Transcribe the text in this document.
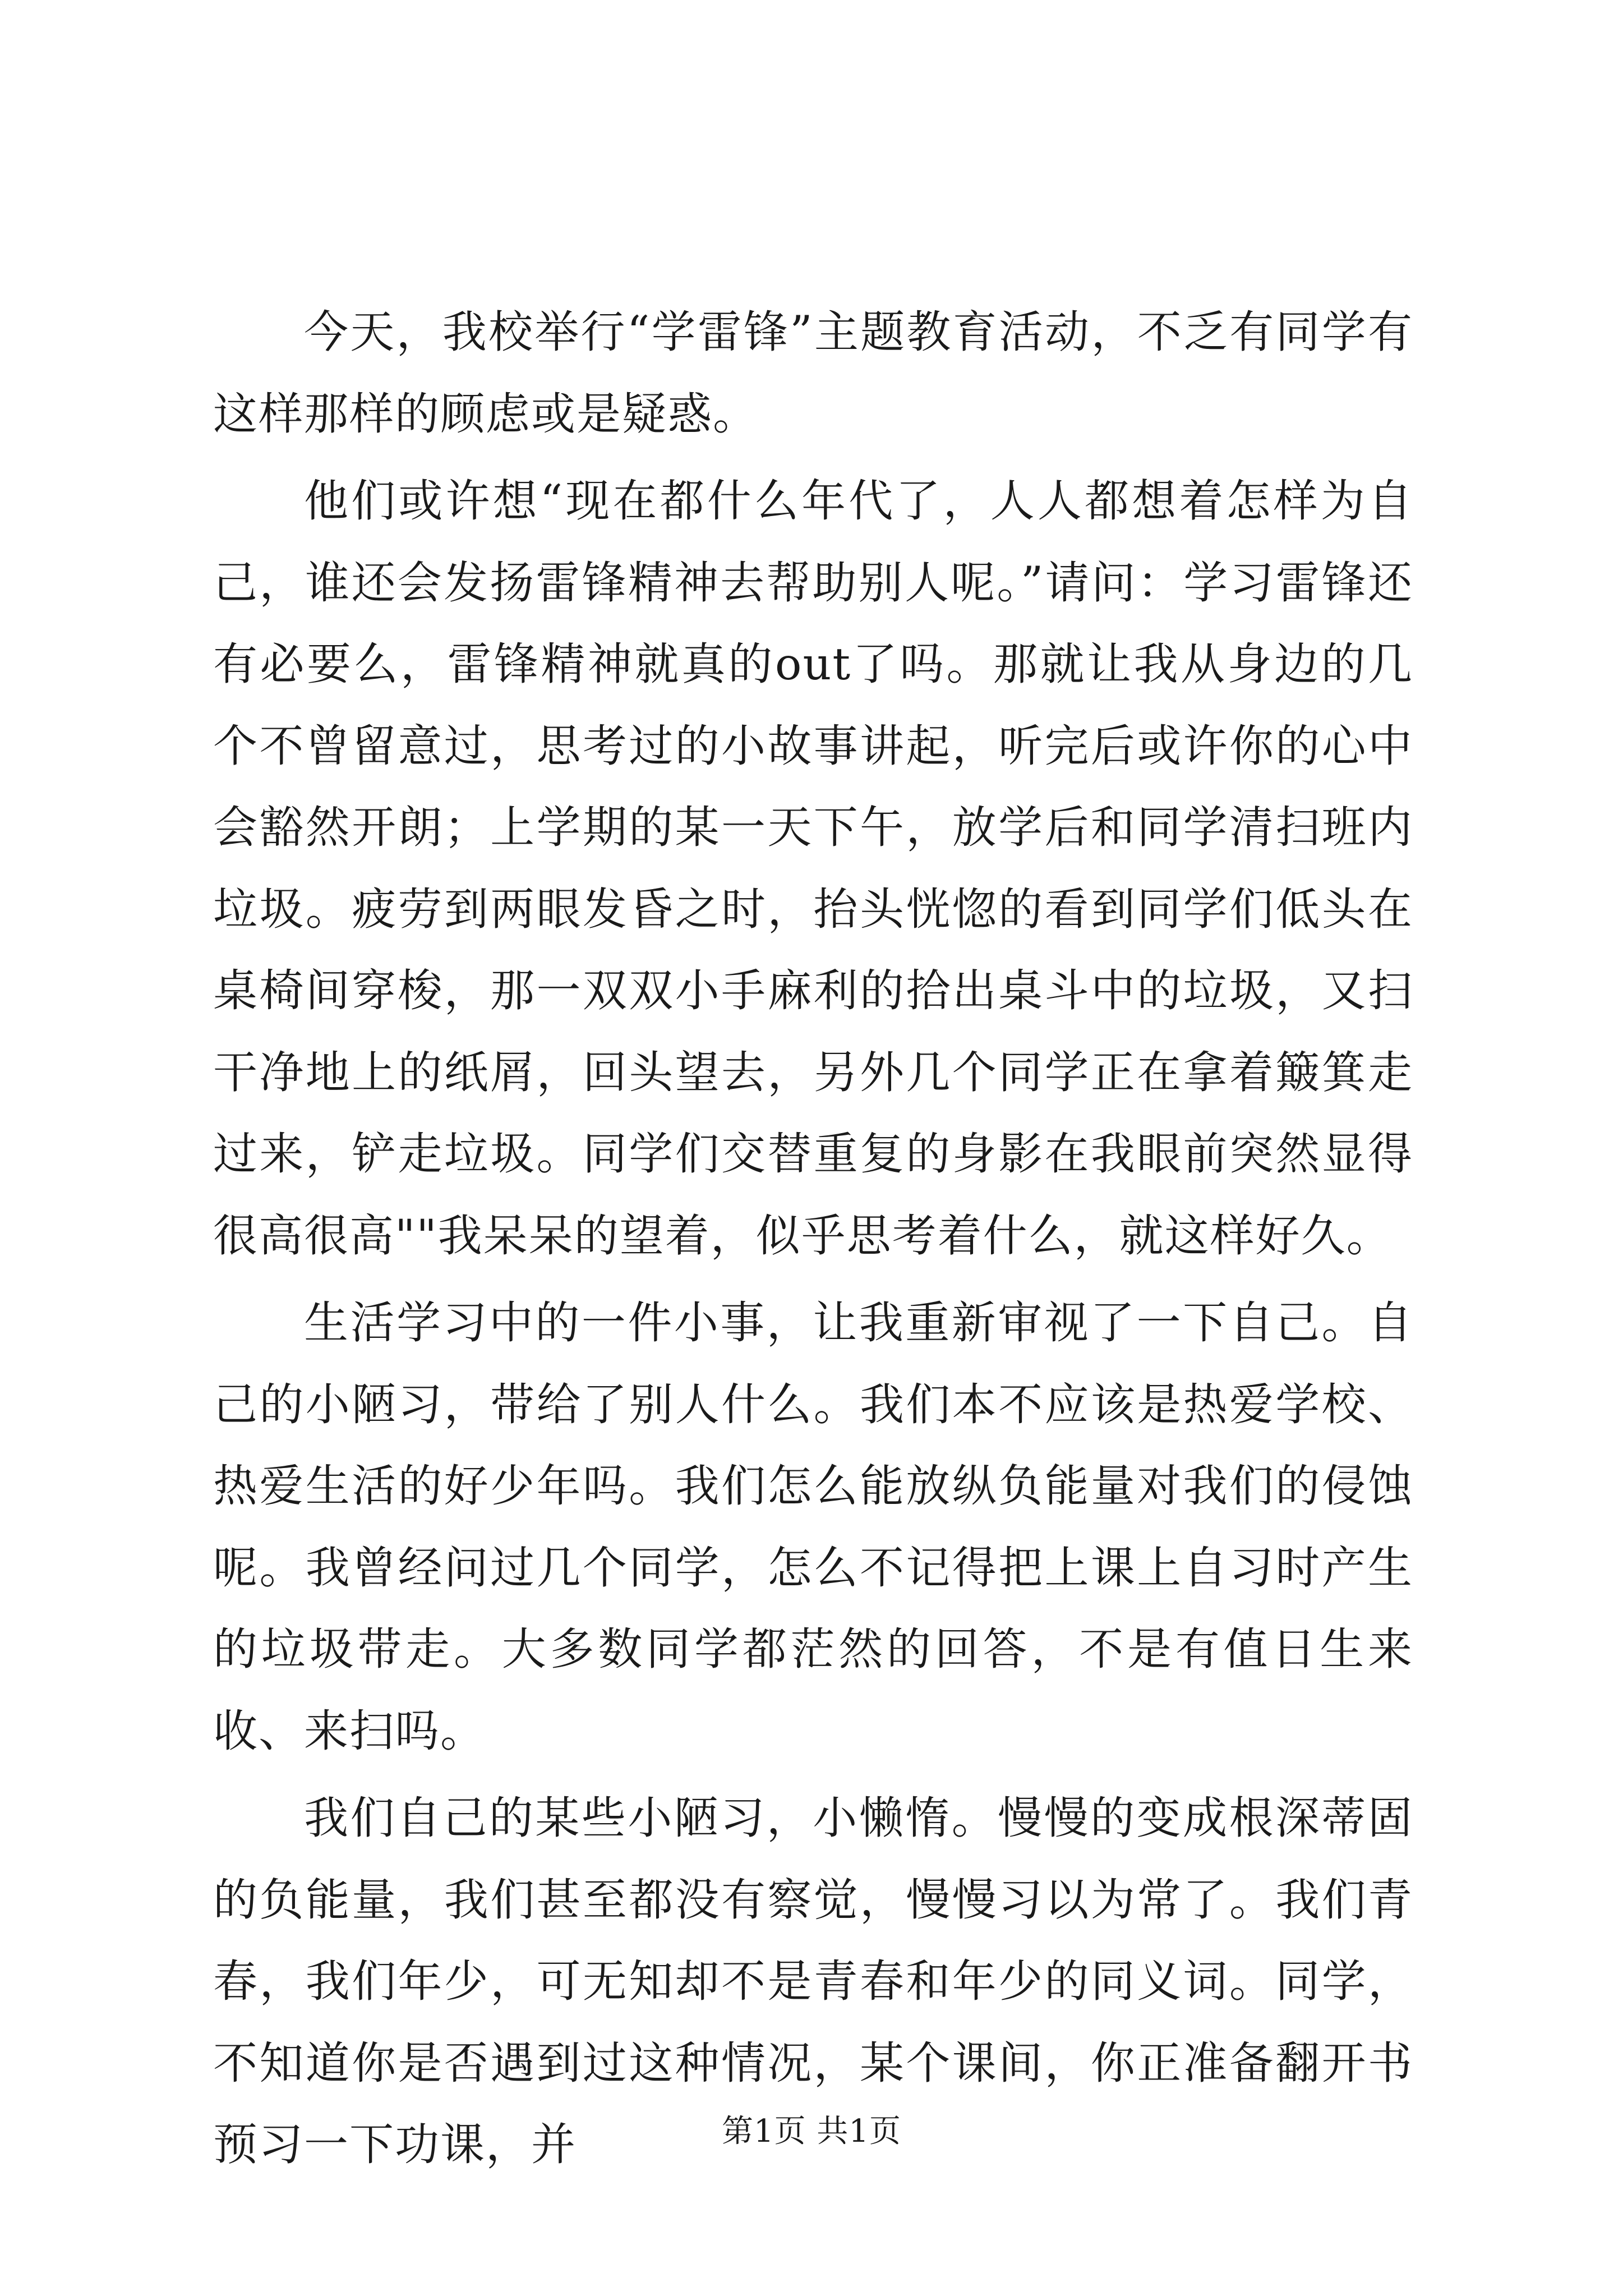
今天，我校举行“学雷锋”主题教育活动，不乏有同学有这样那样的顾虑或是疑惑。

他们或许想“现在都什么年代了，人人都想着怎样为自己，谁还会发扬雷锋精神去帮助别人呢。”请问：学习雷锋还有必要么，雷锋精神就真的out了吗。那就让我从身边的几个不曾留意过，思考过的小故事讲起，听完后或许你的心中会豁然开朗；上学期的某一天下午，放学后和同学清扫班内垃圾。疲劳到两眼发昏之时，抬头恍惚的看到同学们低头在桌椅间穿梭，那一双双小手麻利的拾出桌斗中的垃圾，又扫干净地上的纸屑，回头望去，另外几个同学正在拿着簸箕走过来，铲走垃圾。同学们交替重复的身影在我眼前突然显得很高很高""我呆呆的望着，似乎思考着什么，就这样好久。

生活学习中的一件小事，让我重新审视了一下自己。自己的小陋习，带给了别人什么。我们本不应该是热爱学校、热爱生活的好少年吗。我们怎么能放纵负能量对我们的侵蚀呢。我曾经问过几个同学，怎么不记得把上课上自习时产生的垃圾带走。大多数同学都茫然的回答，不是有值日生来收、来扫吗。

我们自己的某些小陋习，小懒惰。慢慢的变成根深蒂固的负能量，我们甚至都没有察觉，慢慢习以为常了。我们青春，我们年少，可无知却不是青春和年少的同义词。同学，不知道你是否遇到过这种情况，某个课间，你正准备翻开书预习一下功课，并	第1页 共1页
